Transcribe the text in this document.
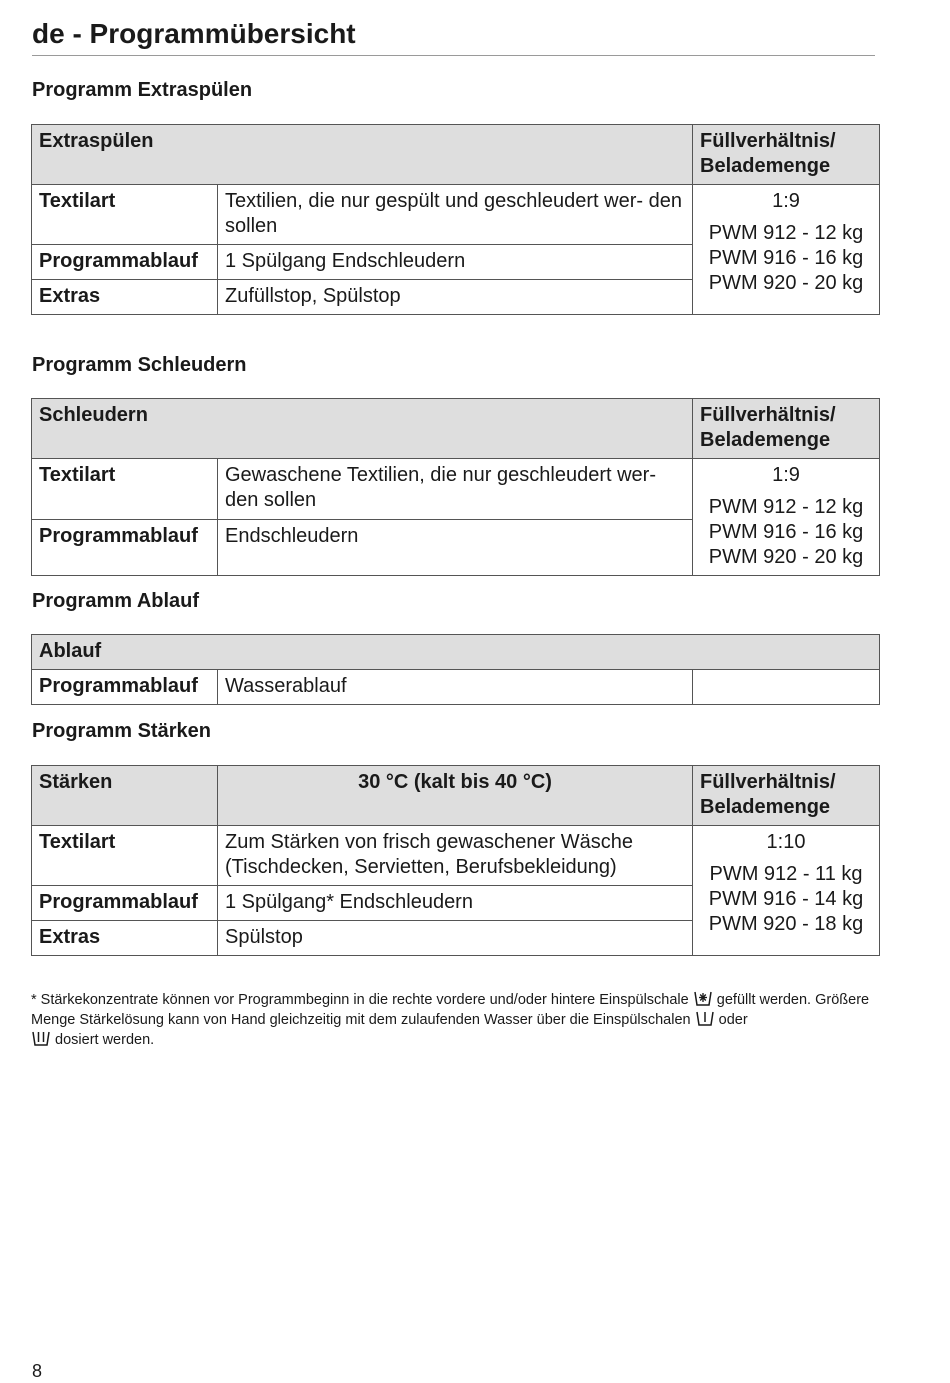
de - Programmübersicht
Programm Extraspülen
Extraspülen		Füllverhältnis/ Belademenge
Textilart	Textilien, die nur gespült und geschleudert wer- den sollen	1:9
PWM 912 - 12 kg
PWM 916 - 16 kg
PWM 920 - 20 kg

Programmablauf	1 Spülgang Endschleudern	
Extras	Zufüllstop, Spülstop	
Programm Schleudern
Schleudern		Füllverhältnis/ Belademenge
Textilart	Gewaschene Textilien, die nur geschleudert wer- den sollen	1:9
PWM 912 - 12 kg
PWM 916 - 16 kg
PWM 920 - 20 kg

Programmablauf	Endschleudern	
Programm Ablauf
Ablauf
Programmablauf	Wasserablauf	
Programm Stärken
Stärken	30 °C (kalt bis 40 °C)	Füllverhältnis/ Belademenge
Textilart	Zum Stärken von frisch gewaschener Wäsche (Tischdecken, Servietten, Berufsbekleidung)	1:10
PWM 912 - 11 kg
PWM 916 - 14 kg
PWM 920 - 18 kg

Programmablauf	1 Spülgang* Endschleudern	
Extras	Spülstop	
* Stärkekonzentrate können vor Programmbeginn in die rechte vordere und/oder hintere Einspülschale gefüllt werden. Größere Menge Stärkelösung kann von Hand gleichzeitig mit dem zulaufenden Wasser über die Einspülschalen oder
dosiert werden.
8
